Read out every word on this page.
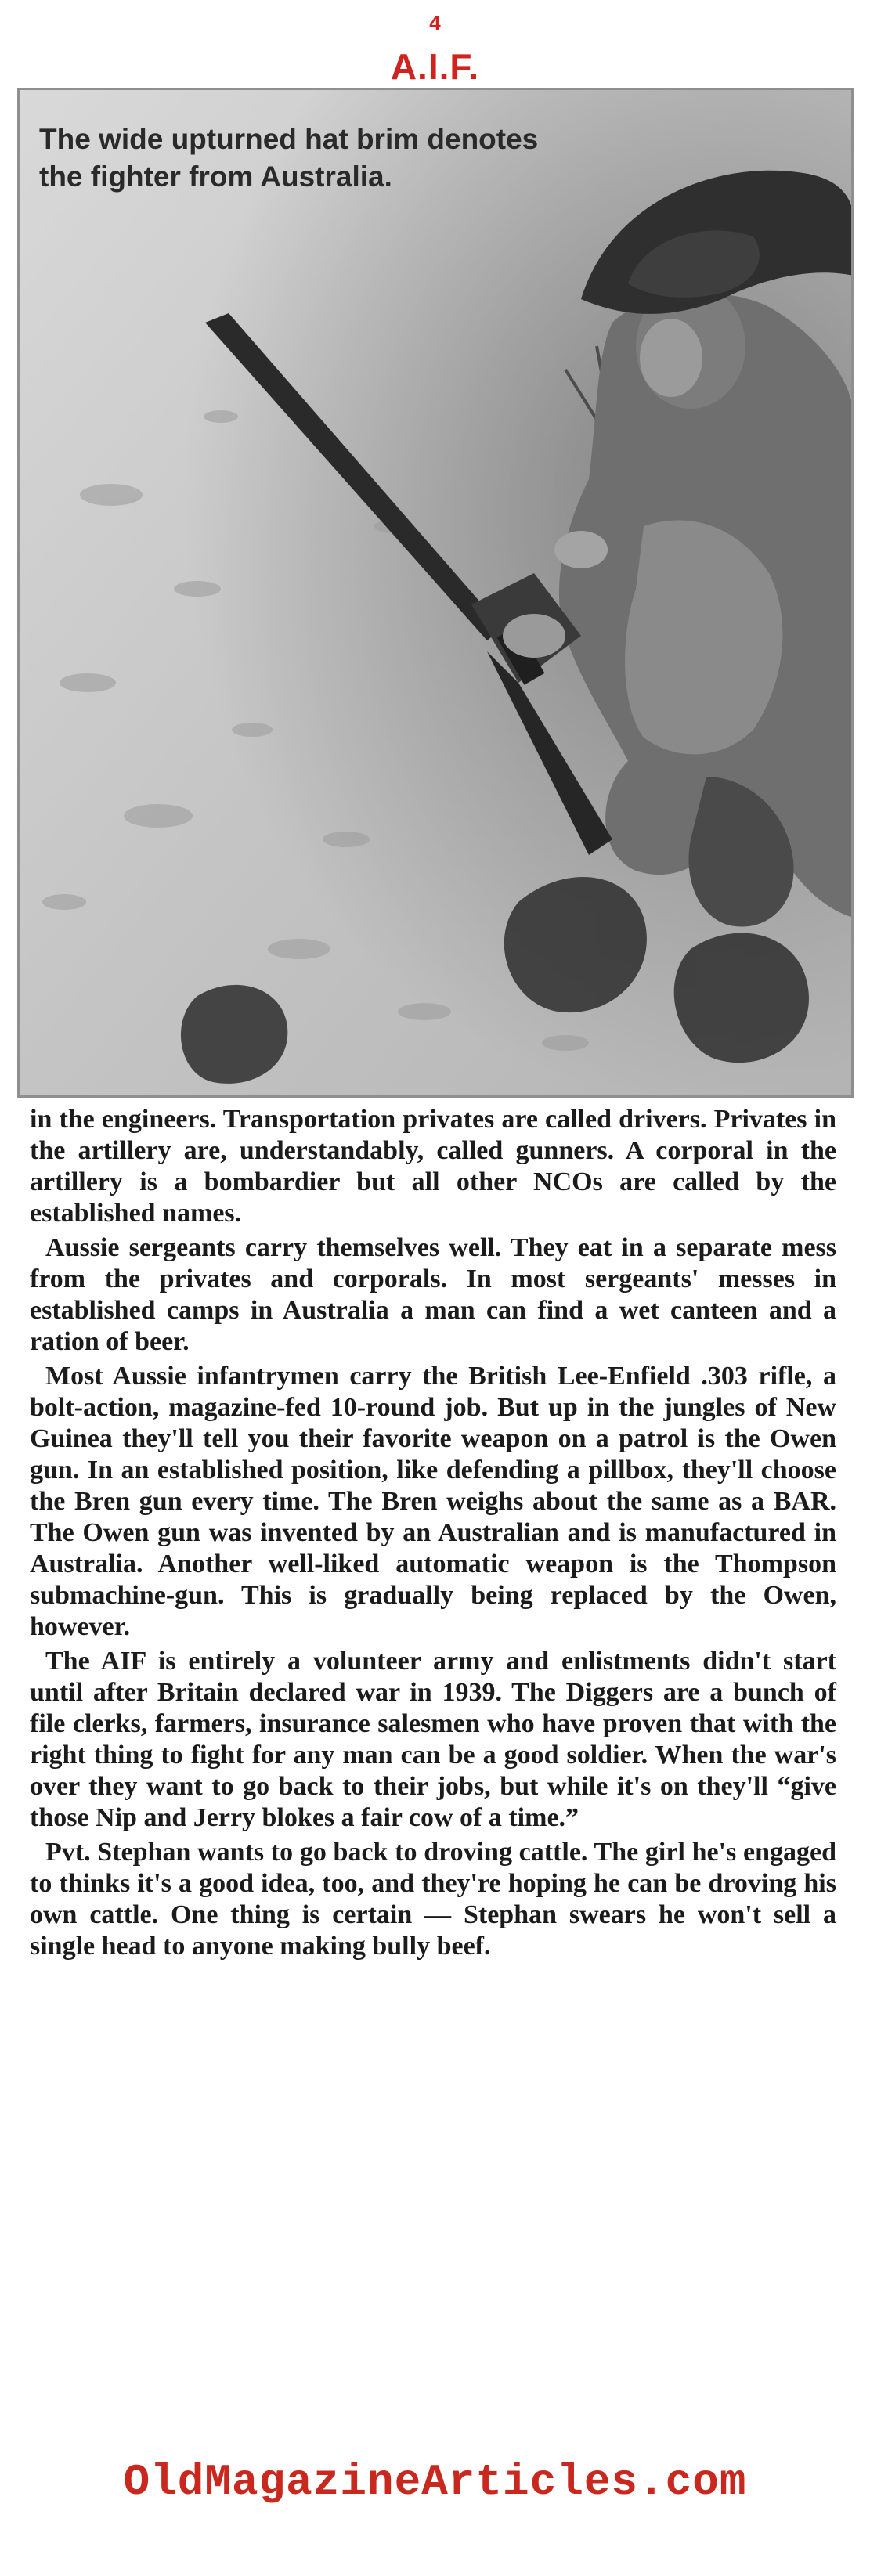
4
A.I.F.
The wide upturned hat brim denotes the fighter from Australia.

in the engineers. Transportation privates are called drivers. Privates in the artillery are, understandably, called gunners. A corporal in the artillery is a bombardier but all other NCOs are called by the established names.

Aussie sergeants carry themselves well. They eat in a separate mess from the privates and corporals. In most sergeants' messes in established camps in Australia a man can find a wet canteen and a ration of beer.

Most Aussie infantrymen carry the British Lee-Enfield .303 rifle, a bolt-action, magazine-fed 10-round job. But up in the jungles of New Guinea they'll tell you their favorite weapon on a patrol is the Owen gun. In an established position, like defending a pillbox, they'll choose the Bren gun every time. The Bren weighs about the same as a BAR. The Owen gun was invented by an Australian and is manufactured in Australia. Another well-liked automatic weapon is the Thompson submachine-gun. This is gradually being replaced by the Owen, however.

The AIF is entirely a volunteer army and enlistments didn't start until after Britain declared war in 1939. The Diggers are a bunch of file clerks, farmers, insurance salesmen who have proven that with the right thing to fight for any man can be a good soldier. When the war's over they want to go back to their jobs, but while it's on they'll “give those Nip and Jerry blokes a fair cow of a time.”

Pvt. Stephan wants to go back to droving cattle. The girl he's engaged to thinks it's a good idea, too, and they're hoping he can be droving his own cattle. One thing is certain — Stephan swears he won't sell a single head to anyone making bully beef.

OldMagazineArticles.com
